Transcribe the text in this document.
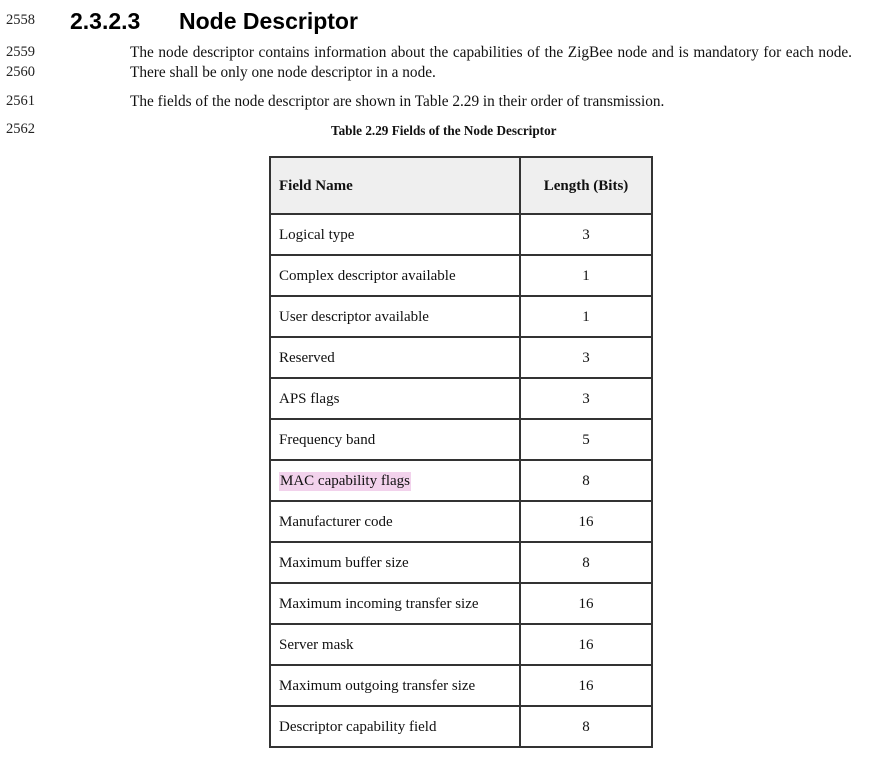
2558
2559
2560
2561
2562
2.3.2.3 Node Descriptor
The node descriptor contains information about the capabilities of the ZigBee node and is mandatory for each node. There shall be only one node descriptor in a node.
The fields of the node descriptor are shown in Table 2.29 in their order of transmission.
Table 2.29 Fields of the Node Descriptor
Field Name	Length (Bits)
Logical type	3
Complex descriptor available	1
User descriptor available	1
Reserved	3
APS flags	3
Frequency band	5
MAC capability flags	8
Manufacturer code	16
Maximum buffer size	8
Maximum incoming transfer size	16
Server mask	16
Maximum outgoing transfer size	16
Descriptor capability field	8
